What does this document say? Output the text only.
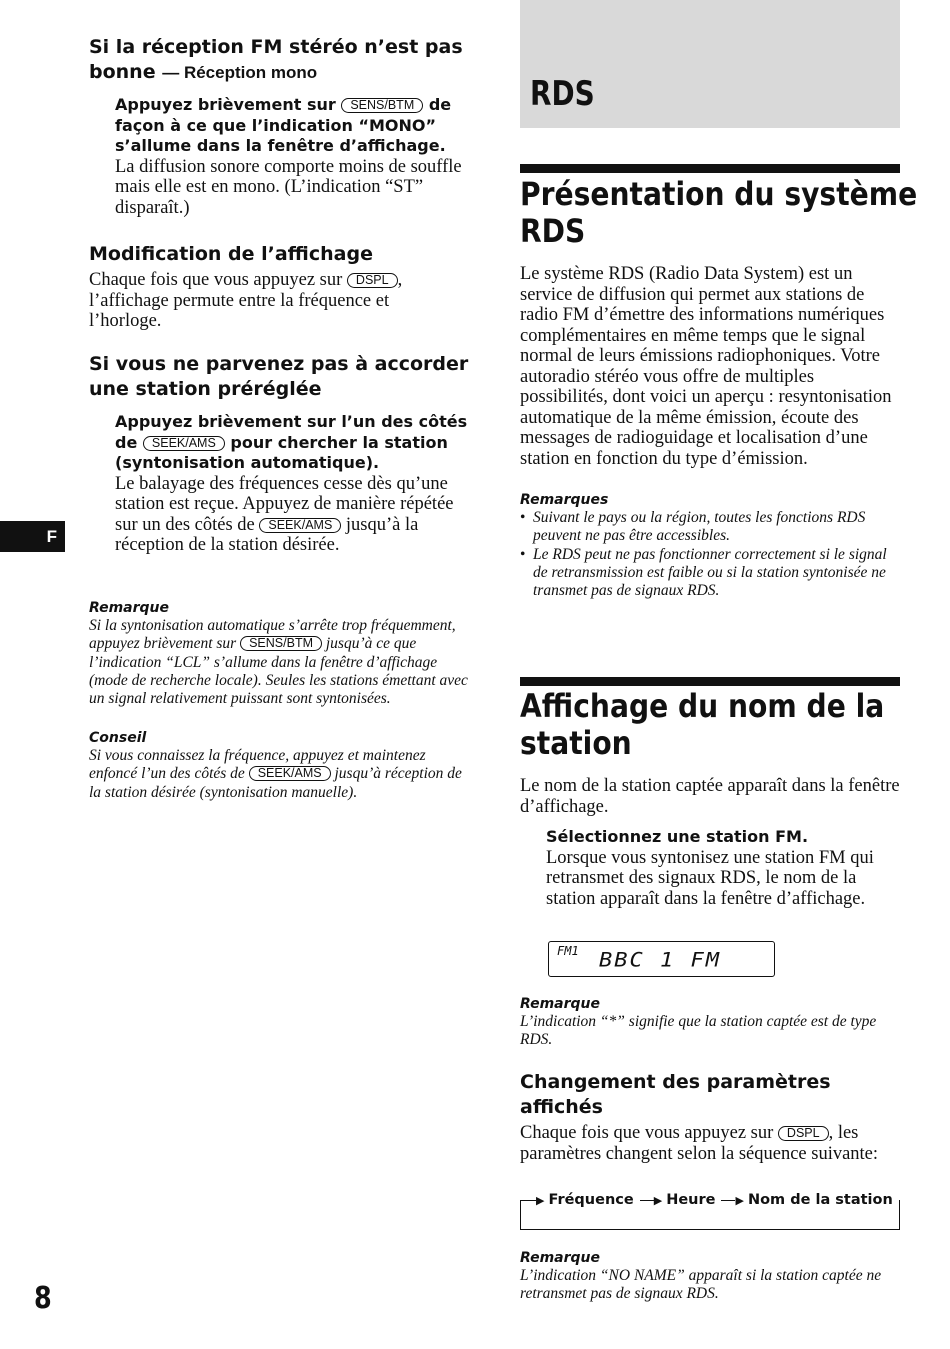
Si la réception FM stéréo n’est pas bonne — Réception mono

Appuyez brièvement sur SENS/BTM de façon à ce que l’indication “MONO” s’allume dans la fenêtre d’affichage.
La diffusion sonore comporte moins de souffle mais elle est en mono. (L’indication “ST” disparaît.)

Modification de l’affichage

Chaque fois que vous appuyez sur DSPL , l’affichage permute entre la fréquence et l’horloge.

Si vous ne parvenez pas à accorder une station préréglée

Appuyez brièvement sur l’un des côtés de SEEK/AMS pour chercher la station (syntonisation automatique).
Le balayage des fréquences cesse dès qu’une station est reçue. Appuyez de manière répétée sur un des côtés de SEEK/AMS jusqu’à la réception de la station désirée.
Remarque
Si la syntonisation automatique s’arrête trop fréquemment, appuyez brièvement sur SENS/BTM jusqu’à ce que l’indication “LCL” s’allume dans la fenêtre d’affichage (mode de recherche locale). Seules les stations émettant avec un signal relativement puissant sont syntonisées.
Conseil
Si vous connaissez la fréquence, appuyez et maintenez enfoncé l’un des côtés de SEEK/AMS jusqu’à réception de la station désirée (syntonisation manuelle).
F
8
RDS

Présentation du système

RDS

Le système RDS (Radio Data System) est un service de diffusion qui permet aux stations de radio FM d’émettre des informations numériques complémentaires en même temps que le signal normal de leurs émissions radiophoniques. Votre autoradio stéréo vous offre de multiples possibilités, dont voici un aperçu : resyntonisation automatique de la même émission, écoute des messages de radioguidage et localisation d’une station en fonction du type d’émission.
Remarques
• Suivant le pays ou la région, toutes les fonctions RDS peuvent ne pas être accessibles.
• Le RDS peut ne pas fonctionner correctement si le signal de retransmission est faible ou si la station syntonisée ne transmet pas de signaux RDS.

Affichage du nom de la

station

Le nom de la station captée apparaît dans la fenêtre d’affichage.
Sélectionnez une station FM.
Lorsque vous syntonisez une station FM qui retransmet des signaux RDS, le nom de la station apparaît dans la fenêtre d’affichage.
FM1 BBC 1 FM
Remarque
L’indication “*” signifie que la station captée est de type RDS.

Changement des paramètres

affichés

Chaque fois que vous appuyez sur DSPL , les paramètres changent selon la séquence suivante:
▶ Fréquence ▶ Heure ▶ Nom de la station
Remarque
L’indication “NO NAME” apparaît si la station captée ne retransmet pas de signaux RDS.
